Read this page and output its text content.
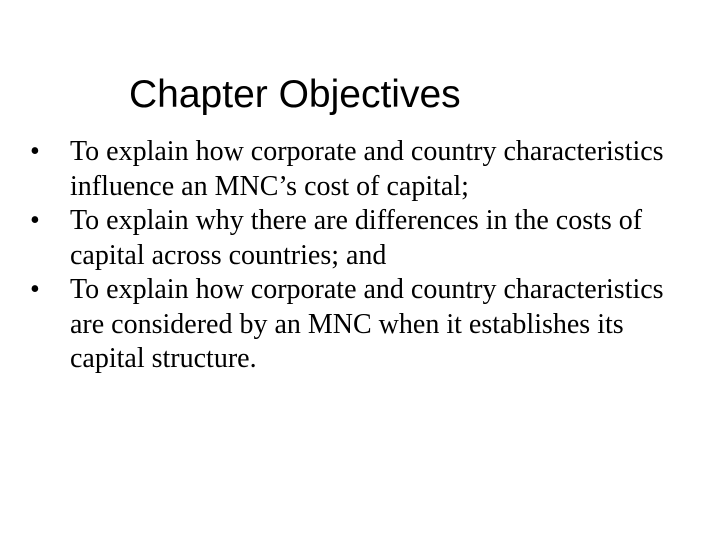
Chapter Objectives
•	To explain how corporate and country characteristics influence an MNC’s cost of capital;
•	To explain why there are differences in the costs of capital across countries; and
•	To explain how corporate and country characteristics are considered by an MNC when it establishes its capital structure.
